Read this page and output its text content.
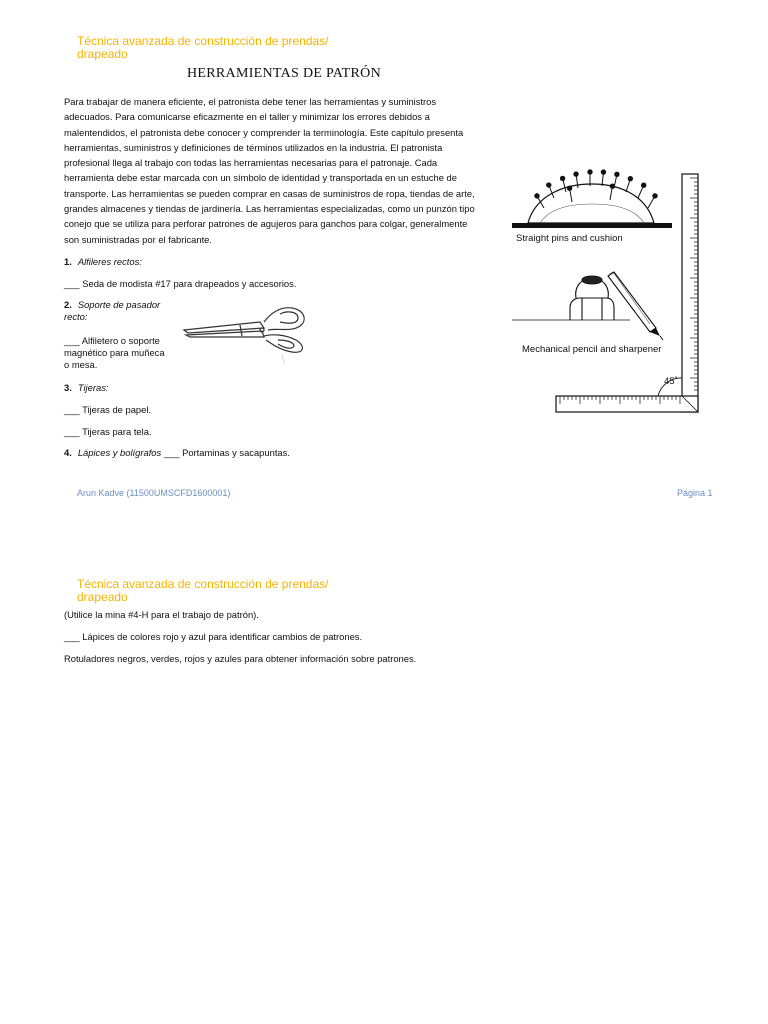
Técnica avanzada de construcción de prendas/
drapeado
HERRAMIENTAS DE PATRÓN
Para trabajar de manera eficiente, el patronista debe tener las herramientas y suministros
adecuados. Para comunicarse eficazmente en el taller y minimizar los errores debidos a
malentendidos, el patronista debe conocer y comprender la terminología. Este capítulo presenta
herramientas, suministros y definiciones de términos utilizados en la industria. El patronista
profesional llega al trabajo con todas las herramientas necesarias para el patronaje. Cada
herramienta debe estar marcada con un símbolo de identidad y transportada en un estuche de
transporte. Las herramientas se pueden comprar en casas de suministros de ropa, tiendas de arte,
grandes almacenes y tiendas de jardinería. Las herramientas especializadas, como un punzón tipo
conejo que se utiliza para perforar patrones de agujeros para ganchos para colgar, generalmente
son suministradas por el fabricante.
1. Alfileres rectos:
___ Seda de modista #17 para drapeados y accesorios.
2. Soporte de pasador
recto:
___ Alfiletero o soporte
magnético para muñeca
o mesa.
3. Tijeras:
___ Tijeras de papel.
___ Tijeras para tela.
4. Lápices y bolígrafos ___ Portaminas y sacapuntas.
/
45˚
Straight pins and cushion
Mechanical pencil and sharpener
Arun Kadve (11500UMSCFD1600001)	Página 1
Técnica avanzada de construcción de prendas/
drapeado
(Utilice la mina #4-H para el trabajo de patrón).
___ Lápices de colores rojo y azul para identificar cambios de patrones.
Rotuladores negros, verdes, rojos y azules para obtener información sobre patrones.
